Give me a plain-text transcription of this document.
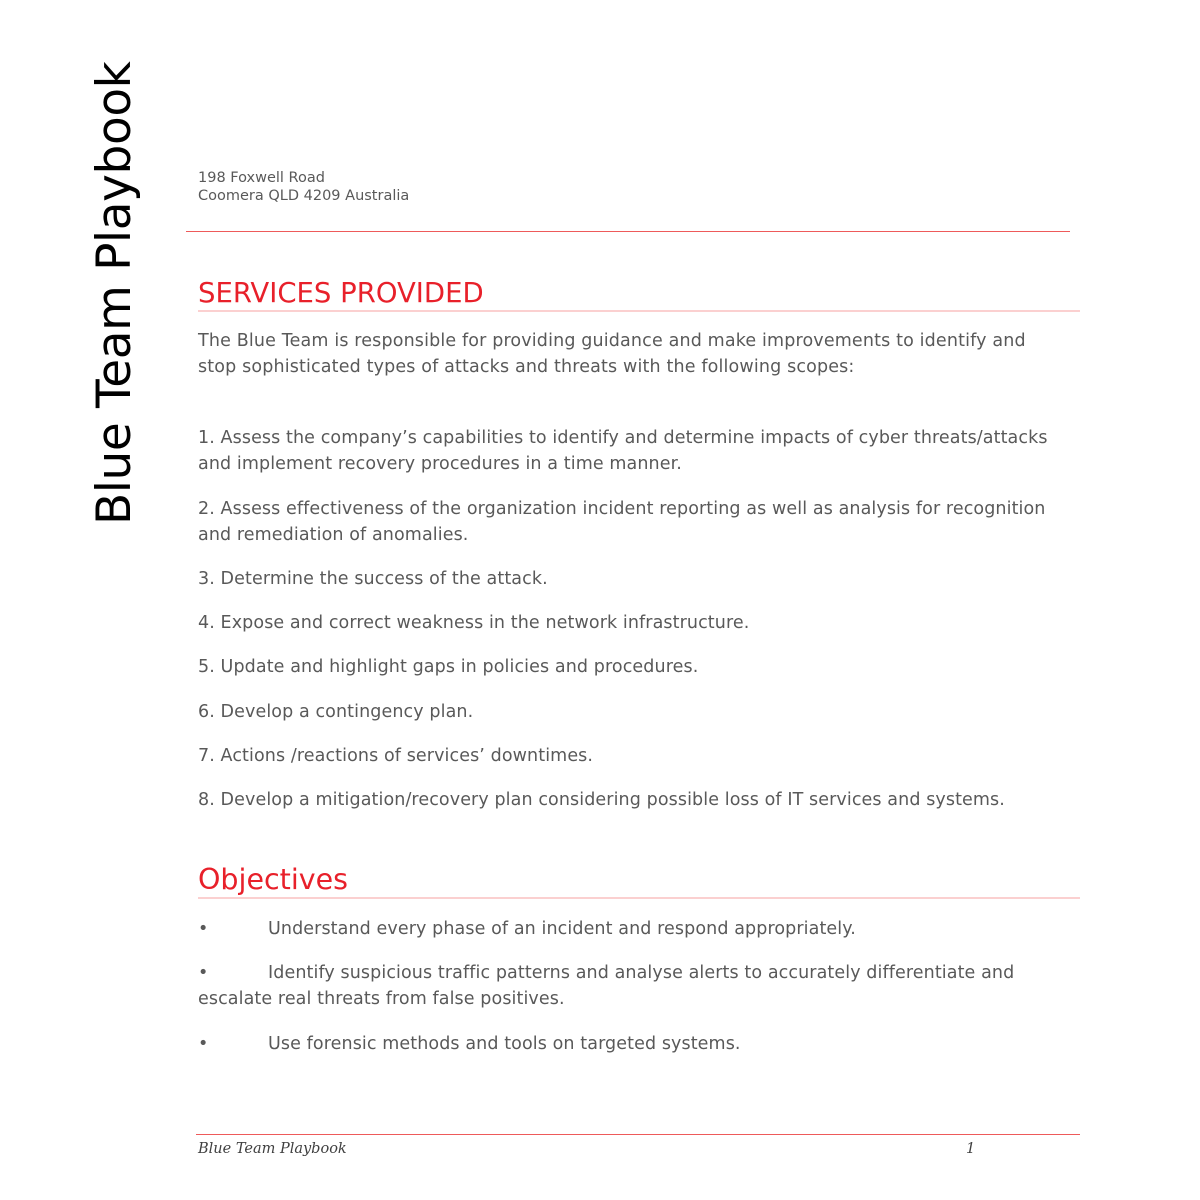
Blue Team Playbook	198 Foxwell Road
Coomera QLD 4209 Australia
SERVICES PROVIDED

The Blue Team is responsible for providing guidance and make improvements to identify and stop sophisticated types of attacks and threats with the following scopes:

1. Assess the company’s capabilities to identify and determine impacts of cyber threats/attacks and implement recovery procedures in a time manner.

2. Assess effectiveness of the organization incident reporting as well as analysis for recognition and remediation of anomalies.

3. Determine the success of the attack.

4. Expose and correct weakness in the network infrastructure.

5. Update and highlight gaps in policies and procedures.

6. Develop a contingency plan.

7. Actions /reactions of services’ downtimes.

8. Develop a mitigation/recovery plan considering possible loss of IT services and systems.

Objectives

•	Understand every phase of an incident and respond appropriately.

•	Identify suspicious traffic patterns and analyse alerts to accurately differentiate and escalate real threats from false positives.

•	Use forensic methods and tools on targeted systems.

Blue Team Playbook	1
